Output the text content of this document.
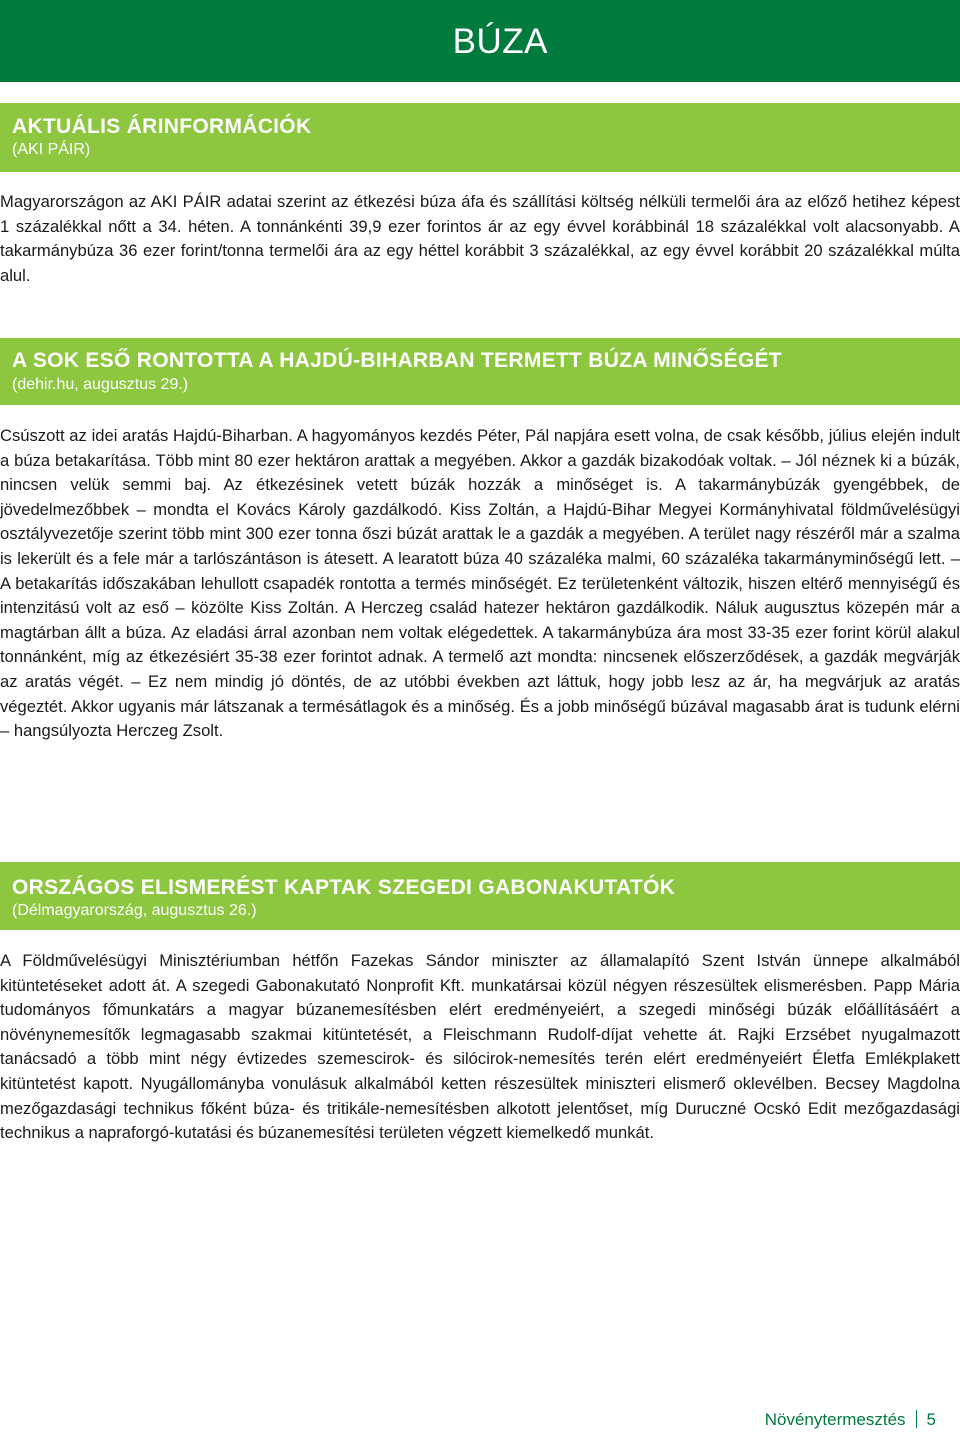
BÚZA
AKTUÁLIS ÁRINFORMÁCIÓK
(AKI PÁIR)

Magyarországon az AKI PÁIR adatai szerint az étkezési búza áfa és szállítási költség nélküli termelői ára az előző hetihez képest 1 százalékkal nőtt a 34. héten. A tonnánkénti 39,9 ezer forintos ár az egy évvel korábbinál 18 százalékkal volt alacsonyabb. A takarmánybúza 36 ezer forint/tonna termelői ára az egy héttel korábbit 3 százalékkal, az egy évvel korábbit 20 százalékkal múlta alul.

A SOK ESŐ RONTOTTA A HAJDÚ-BIHARBAN TERMETT BÚZA MINŐSÉGÉT
(dehir.hu, augusztus 29.)

Csúszott az idei aratás Hajdú-Biharban. A hagyományos kezdés Péter, Pál napjára esett volna, de csak később, július elején indult a búza betakarítása. Több mint 80 ezer hektáron arattak a megyében. Akkor a gazdák bizakodóak voltak. – Jól néznek ki a búzák, nincsen velük semmi baj. Az étkezésinek vetett búzák hozzák a minőséget is. A takarmánybúzák gyengébbek, de jövedelmezőbbek – mondta el Kovács Károly gazdálkodó. Kiss Zoltán, a Hajdú-Bihar Megyei Kormányhivatal földművelésügyi osztályvezetője szerint több mint 300 ezer tonna őszi búzát arattak le a gazdák a megyében. A terület nagy részéről már a szalma is lekerült és a fele már a tarlószántáson is átesett. A learatott búza 40 százaléka malmi, 60 százaléka takarmányminőségű lett. – A betakarítás időszakában lehullott csapadék rontotta a termés minőségét. Ez területenként változik, hiszen eltérő mennyiségű és intenzitású volt az eső – közölte Kiss Zoltán. A Herczeg család hatezer hektáron gazdálkodik. Náluk augusztus közepén már a magtárban állt a búza. Az eladási árral azonban nem voltak elégedettek. A takarmánybúza ára most 33-35 ezer forint körül alakul tonnánként, míg az étkezésiért 35-38 ezer forintot adnak. A termelő azt mondta: nincsenek előszerződések, a gazdák megvárják az aratás végét. – Ez nem mindig jó döntés, de az utóbbi években azt láttuk, hogy jobb lesz az ár, ha megvárjuk az aratás végeztét. Akkor ugyanis már látszanak a termésátlagok és a minőség. És a jobb minőségű búzával magasabb árat is tudunk elérni – hangsúlyozta Herczeg Zsolt.

ORSZÁGOS ELISMERÉST KAPTAK SZEGEDI GABONAKUTATÓK
(Délmagyarország, augusztus 26.)

A Földművelésügyi Minisztériumban hétfőn Fazekas Sándor miniszter az államalapító Szent István ünnepe alkalmából kitüntetéseket adott át. A szegedi Gabonakutató Nonprofit Kft. munkatársai közül négyen részesültek elismerésben. Papp Mária tudományos főmunkatárs a magyar búzanemesítésben elért eredményeiért, a szegedi minőségi búzák előállításáért a növénynemesítők legmagasabb szakmai kitüntetését, a Fleischmann Rudolf-díjat vehette át. Rajki Erzsébet nyugalmazott tanácsadó a több mint négy évtizedes szemescirok- és silócirok-nemesítés terén elért eredményeiért Életfa Emlékplakett kitüntetést kapott. Nyugállományba vonulásuk alkalmából ketten részesültek miniszteri elismerő oklevélben. Becsey Magdolna mezőgazdasági technikus főként búza- és tritikále-nemesítésben alkotott jelentőset, míg Duruczné Ocskó Edit mezőgazdasági technikus a napraforgó-kutatási és búzanemesítési területen végzett kiemelkedő munkát.

Növénytermesztés 5
